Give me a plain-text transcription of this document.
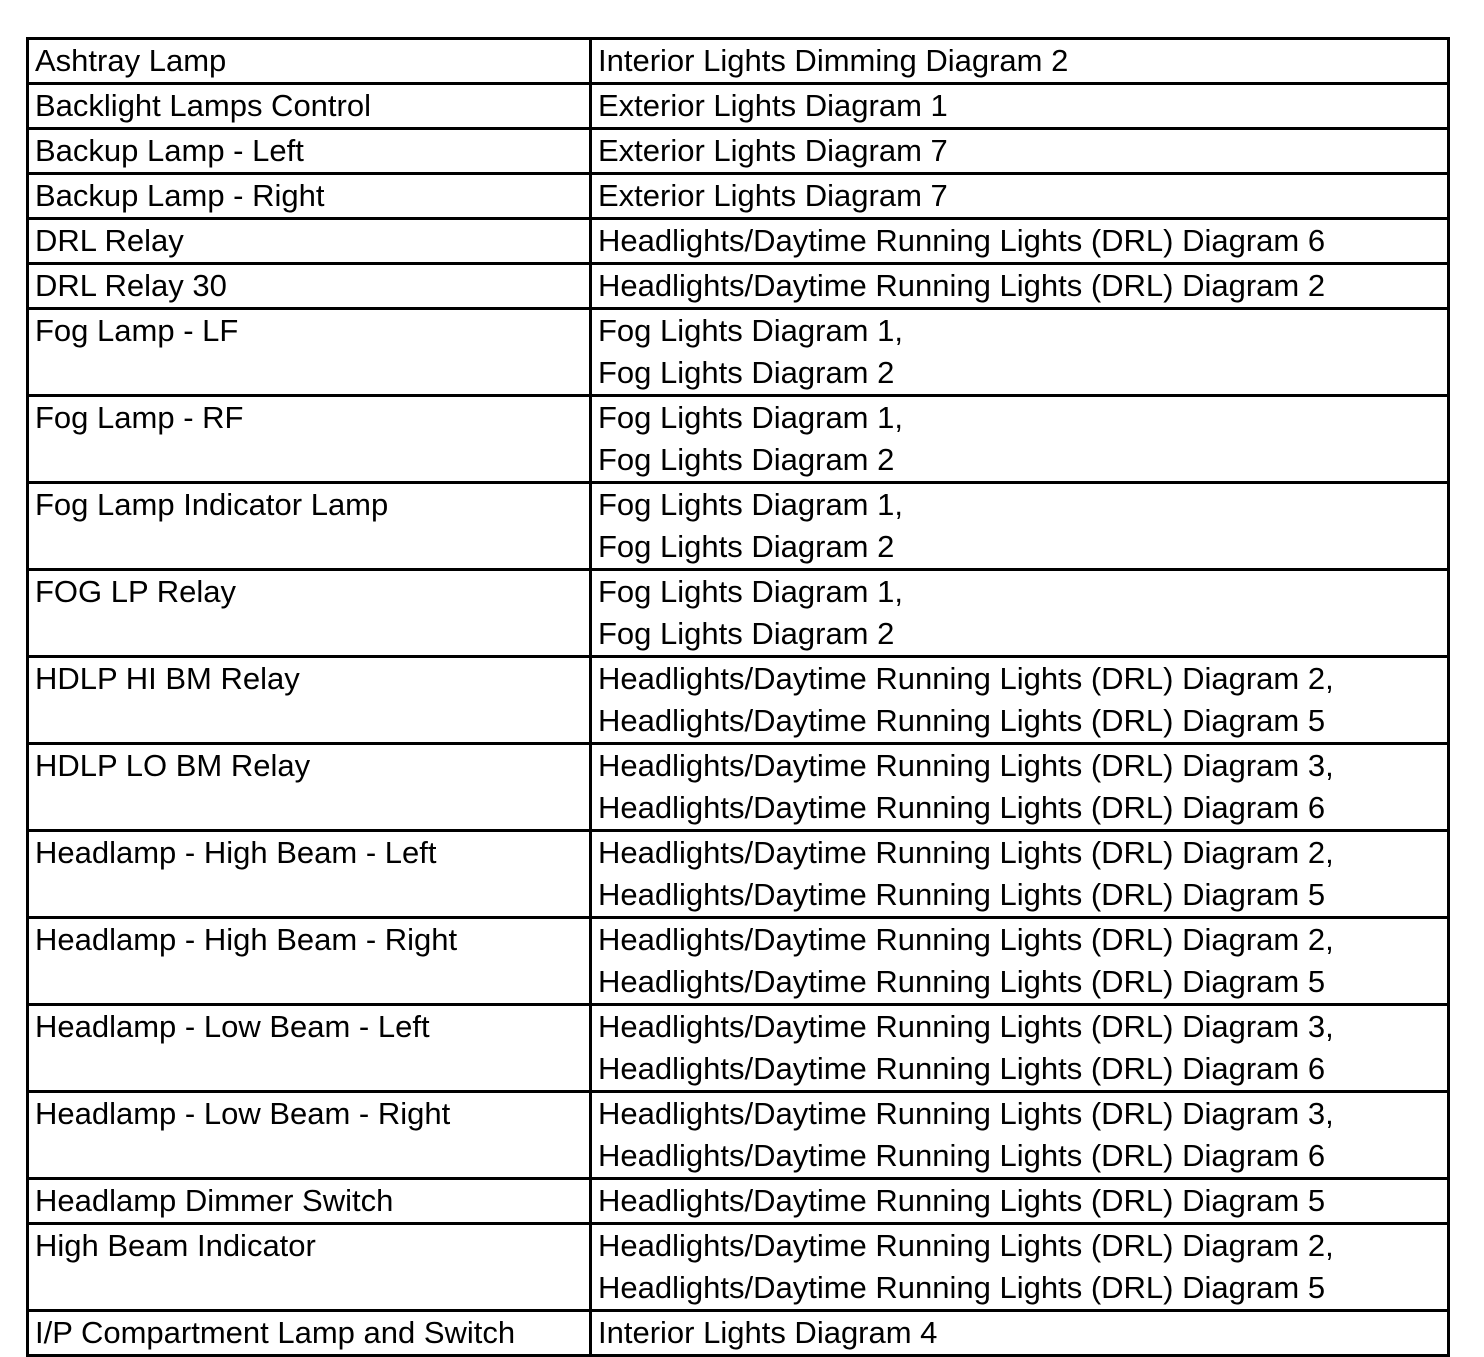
Ashtray Lamp	Interior Lights Dimming Diagram 2

Backlight Lamps Control	Exterior Lights Diagram 1

Backup Lamp - Left	Exterior Lights Diagram 7

Backup Lamp - Right	Exterior Lights Diagram 7

DRL Relay	Headlights/Daytime Running Lights (DRL) Diagram 6

DRL Relay 30	Headlights/Daytime Running Lights (DRL) Diagram 2

Fog Lamp - LF	Fog Lights Diagram 1,
Fog Lights Diagram 2

Fog Lamp - RF	Fog Lights Diagram 1,
Fog Lights Diagram 2

Fog Lamp Indicator Lamp	Fog Lights Diagram 1,
Fog Lights Diagram 2

FOG LP Relay	Fog Lights Diagram 1,
Fog Lights Diagram 2

HDLP HI BM Relay	Headlights/Daytime Running Lights (DRL) Diagram 2,
Headlights/Daytime Running Lights (DRL) Diagram 5

HDLP LO BM Relay	Headlights/Daytime Running Lights (DRL) Diagram 3,
Headlights/Daytime Running Lights (DRL) Diagram 6

Headlamp - High Beam - Left	Headlights/Daytime Running Lights (DRL) Diagram 2,
Headlights/Daytime Running Lights (DRL) Diagram 5

Headlamp - High Beam - Right	Headlights/Daytime Running Lights (DRL) Diagram 2,
Headlights/Daytime Running Lights (DRL) Diagram 5

Headlamp - Low Beam - Left	Headlights/Daytime Running Lights (DRL) Diagram 3,
Headlights/Daytime Running Lights (DRL) Diagram 6

Headlamp - Low Beam - Right	Headlights/Daytime Running Lights (DRL) Diagram 3,
Headlights/Daytime Running Lights (DRL) Diagram 6

Headlamp Dimmer Switch	Headlights/Daytime Running Lights (DRL) Diagram 5

High Beam Indicator	Headlights/Daytime Running Lights (DRL) Diagram 2,
Headlights/Daytime Running Lights (DRL) Diagram 5

I/P Compartment Lamp and Switch	Interior Lights Diagram 4
